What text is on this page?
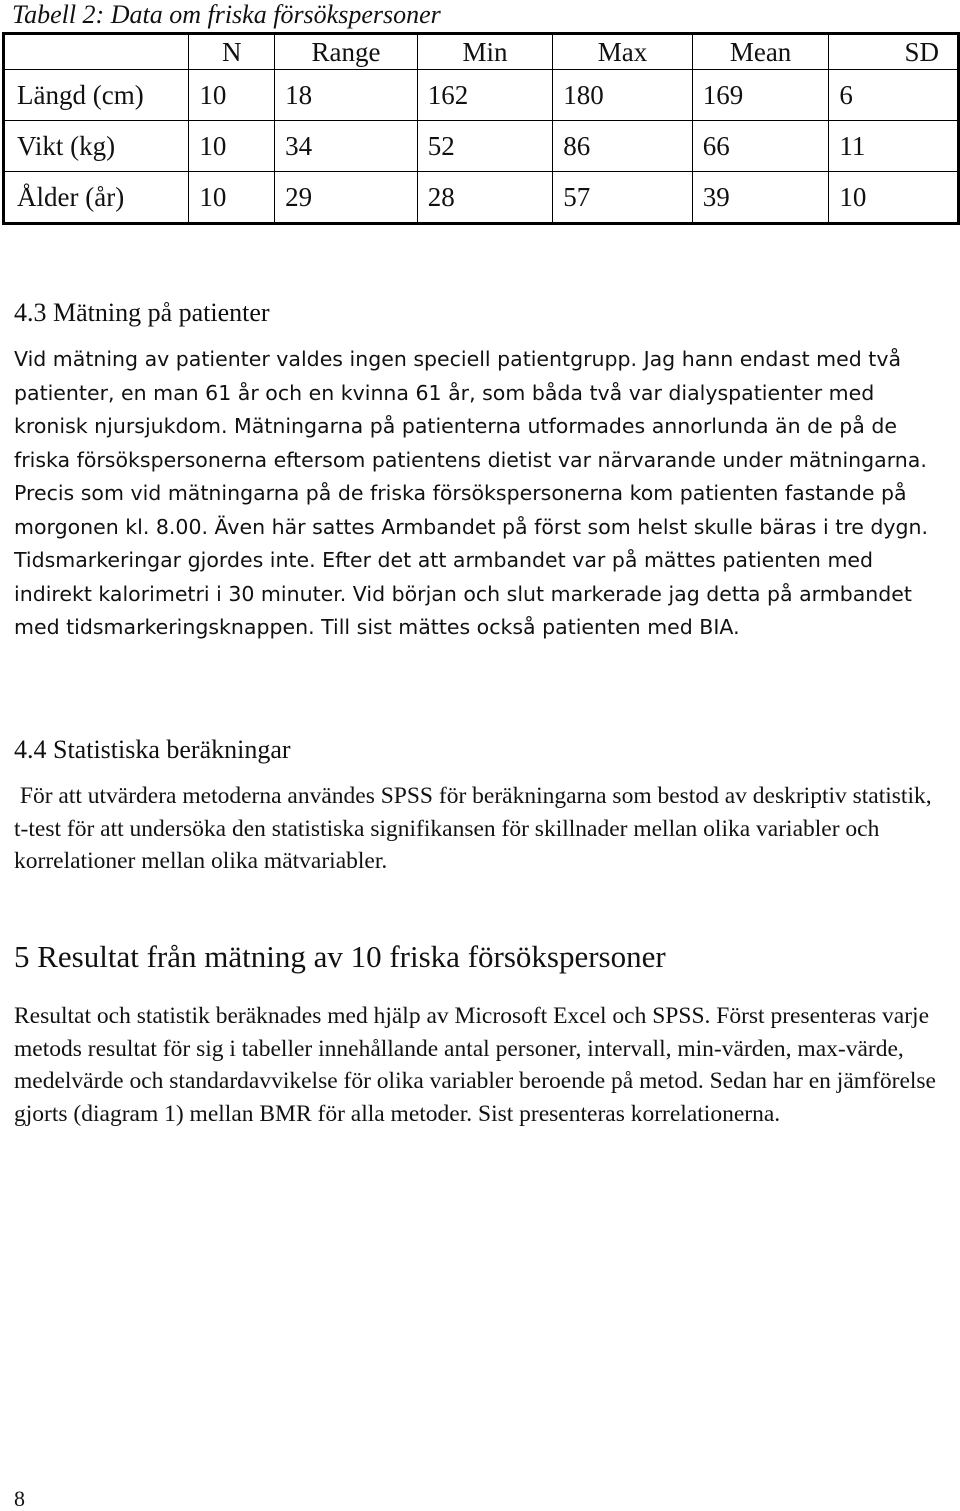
Tabell 2: Data om friska försökspersoner

	N	Range	Min	Max	Mean	SD
Längd (cm)	10	18	162	180	169	6
Vikt (kg)	10	34	52	86	66	11
Ålder (år)	10	29	28	57	39	10
4.3 Mätning på patienter

Vid mätning av patienter valdes ingen speciell patientgrupp. Jag hann endast med två patienter, en man 61 år och en kvinna 61 år, som båda två var dialyspatienter med kronisk njursjukdom. Mätningarna på patienterna utformades annorlunda än de på de friska försökspersonerna eftersom patientens dietist var närvarande under mätningarna. Precis som vid mätningarna på de friska försökspersonerna kom patienten fastande på morgonen kl. 8.00. Även här sattes Armbandet på först som helst skulle bäras i tre dygn. Tidsmarkeringar gjordes inte. Efter det att armbandet var på mättes patienten med indirekt kalorimetri i 30 minuter. Vid början och slut markerade jag detta på armbandet med tidsmarkeringsknappen. Till sist mättes också patienten med BIA.

4.4 Statistiska beräkningar

För att utvärdera metoderna användes SPSS för beräkningarna som bestod av deskriptiv statistik, t-test för att undersöka den statistiska signifikansen för skillnader mellan olika variabler och korrelationer mellan olika mätvariabler.

5 Resultat från mätning av 10 friska försökspersoner

Resultat och statistik beräknades med hjälp av Microsoft Excel och SPSS. Först presenteras varje metods resultat för sig i tabeller innehållande antal personer, intervall, min-värden, max-värde, medelvärde och standardavvikelse för olika variabler beroende på metod. Sedan har en jämförelse gjorts (diagram 1) mellan BMR för alla metoder. Sist presenteras korrelationerna.

8
